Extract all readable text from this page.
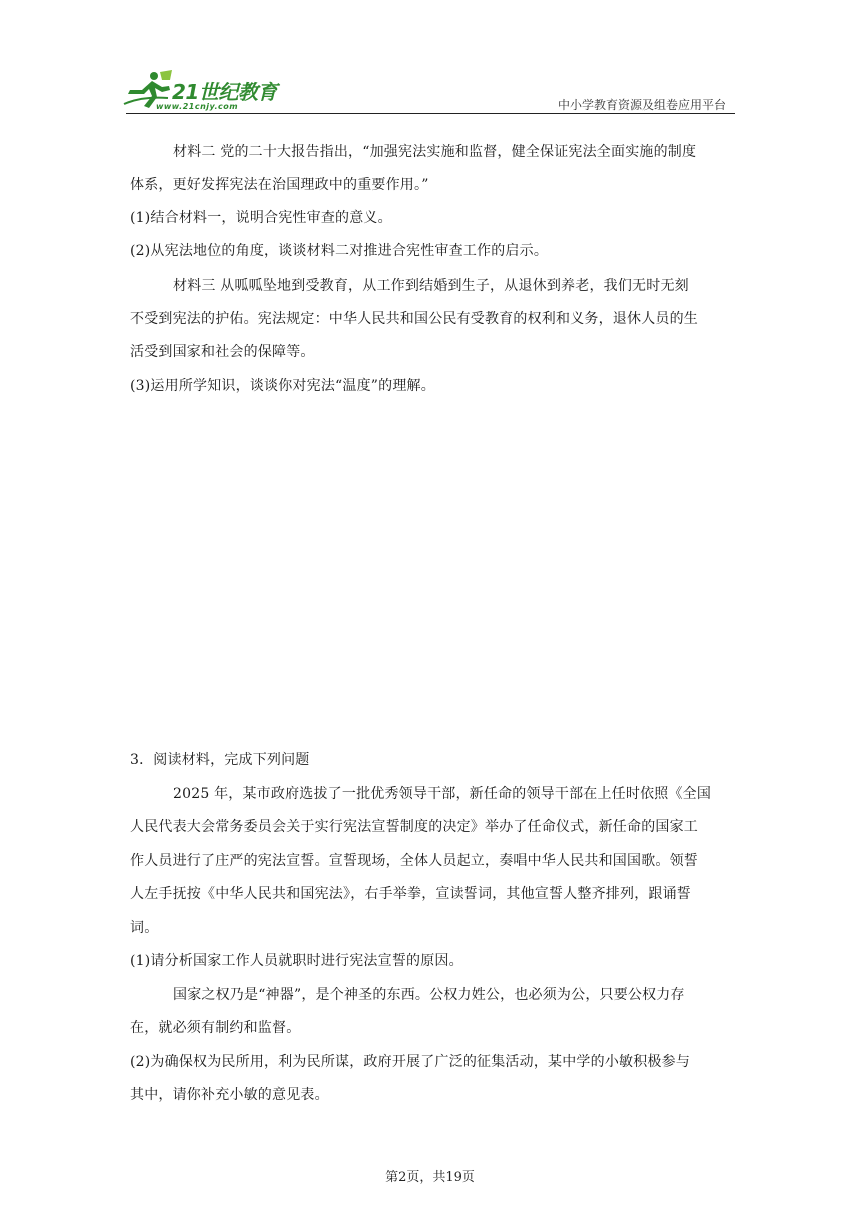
21世纪教育
www.21cnjy.com	中小学教育资源及组卷应用平台
材料二 党的二十大报告指出，“加强宪法实施和监督，健全保证宪法全面实施的制度
体系，更好发挥宪法在治国理政中的重要作用。”
(1)结合材料一，说明合宪性审查的意义。
(2)从宪法地位的角度，谈谈材料二对推进合宪性审查工作的启示。
材料三 从呱呱坠地到受教育，从工作到结婚到生子，从退休到养老，我们无时无刻
不受到宪法的护佑。宪法规定：中华人民共和国公民有受教育的权利和义务，退休人员的生
活受到国家和社会的保障等。
(3)运用所学知识，谈谈你对宪法“温度”的理解。
3．阅读材料，完成下列问题
2025 年，某市政府选拔了一批优秀领导干部，新任命的领导干部在上任时依照《全国
人民代表大会常务委员会关于实行宪法宣誓制度的决定》举办了任命仪式，新任命的国家工
作人员进行了庄严的宪法宣誓。宣誓现场，全体人员起立，奏唱中华人民共和国国歌。领誓
人左手抚按《中华人民共和国宪法》，右手举拳，宣读誓词，其他宣誓人整齐排列，跟诵誓
词。
(1)请分析国家工作人员就职时进行宪法宣誓的原因。
国家之权乃是“神器”，是个神圣的东西。公权力姓公，也必须为公，只要公权力存
在，就必须有制约和监督。
(2)为确保权为民所用，利为民所谋，政府开展了广泛的征集活动，某中学的小敏积极参与
其中，请你补充小敏的意见表。
第2页，共19页
